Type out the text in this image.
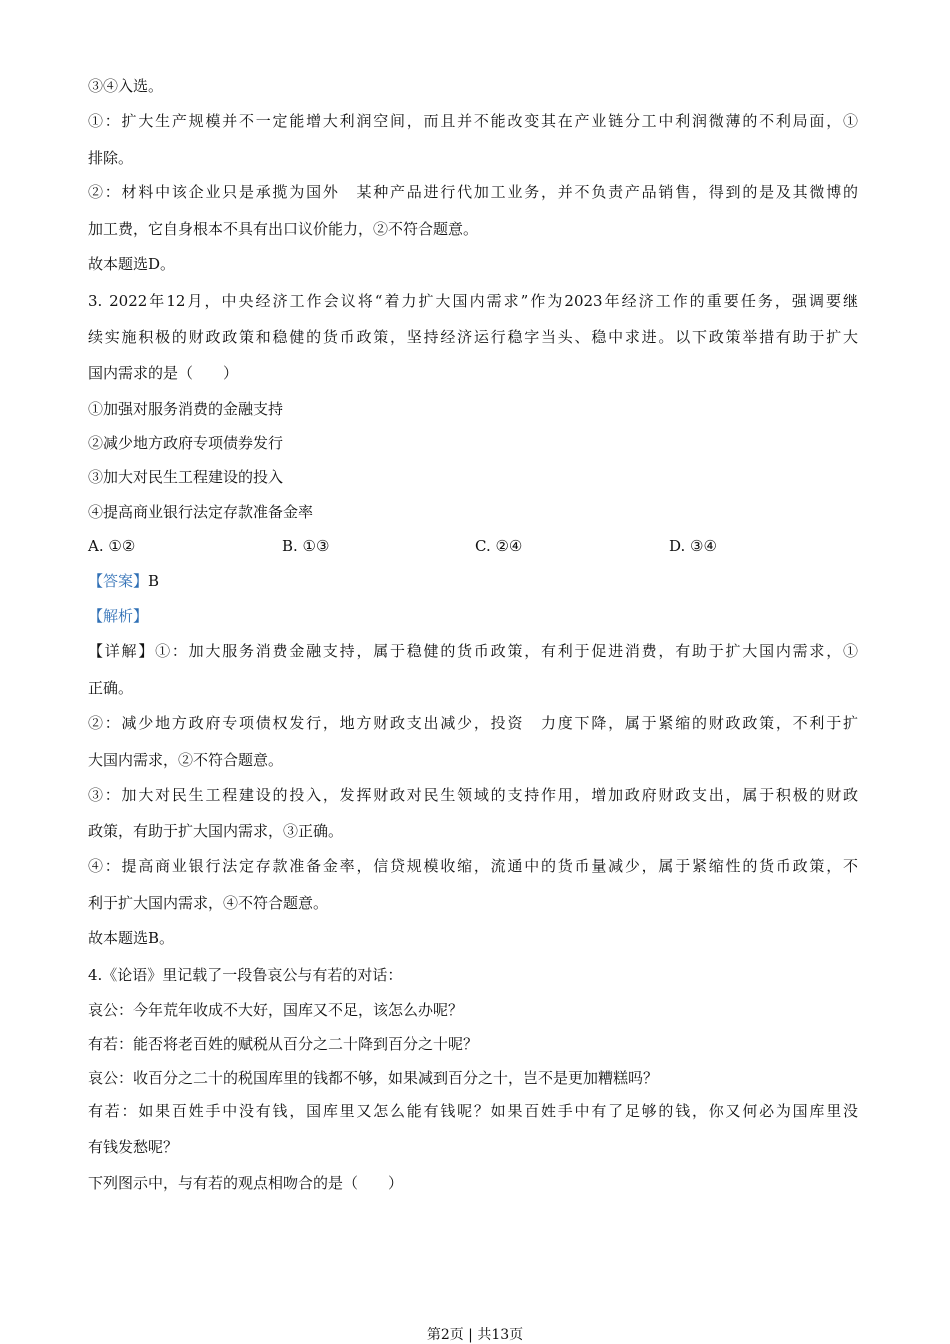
A. ①②	B. ①③	C. ②④	D. ③④
【答案】B
【解析】
第2页 | 共13页
③④入选。
①：扩大生产规模并不一定能增大利润空间，而且并不能改变其在产业链分工中利润微薄的不利局面，①
排除。
②：材料中该企业只是承揽为国外　某种产品进行代加工业务，并不负责产品销售，得到的是及其微博的
加工费，它自身根本不具有出口议价能力，②不符合题意。
故本题选D。
3. 2022年12月，中央经济工作会议将“着力扩大国内需求”作为2023年经济工作的重要任务，强调要继
续实施积极的财政政策和稳健的货币政策，坚持经济运行稳字当头、稳中求进。以下政策举措有助于扩大
国内需求的是（　　）
①加强对服务消费的金融支持
②减少地方政府专项债券发行
③加大对民生工程建设的投入
④提高商业银行法定存款准备金率
【详解】①：加大服务消费金融支持，属于稳健的货币政策，有利于促进消费，有助于扩大国内需求，①
正确。
②：减少地方政府专项债权发行，地方财政支出减少，投资　力度下降，属于紧缩的财政政策，不利于扩
大国内需求，②不符合题意。
③：加大对民生工程建设的投入，发挥财政对民生领域的支持作用，增加政府财政支出，属于积极的财政
政策，有助于扩大国内需求，③正确。
④：提高商业银行法定存款准备金率，信贷规模收缩，流通中的货币量减少，属于紧缩性的货币政策，不
利于扩大国内需求，④不符合题意。
故本题选B。
4.《论语》里记载了一段鲁哀公与有若的对话：
哀公：今年荒年收成不大好，国库又不足，该怎么办呢？
有若：能否将老百姓的赋税从百分之二十降到百分之十呢？
哀公：收百分之二十的税国库里的钱都不够，如果减到百分之十，岂不是更加糟糕吗？
有若：如果百姓手中没有钱，国库里又怎么能有钱呢？如果百姓手中有了足够的钱，你又何必为国库里没
有钱发愁呢？
下列图示中，与有若的观点相吻合的是（　　）
